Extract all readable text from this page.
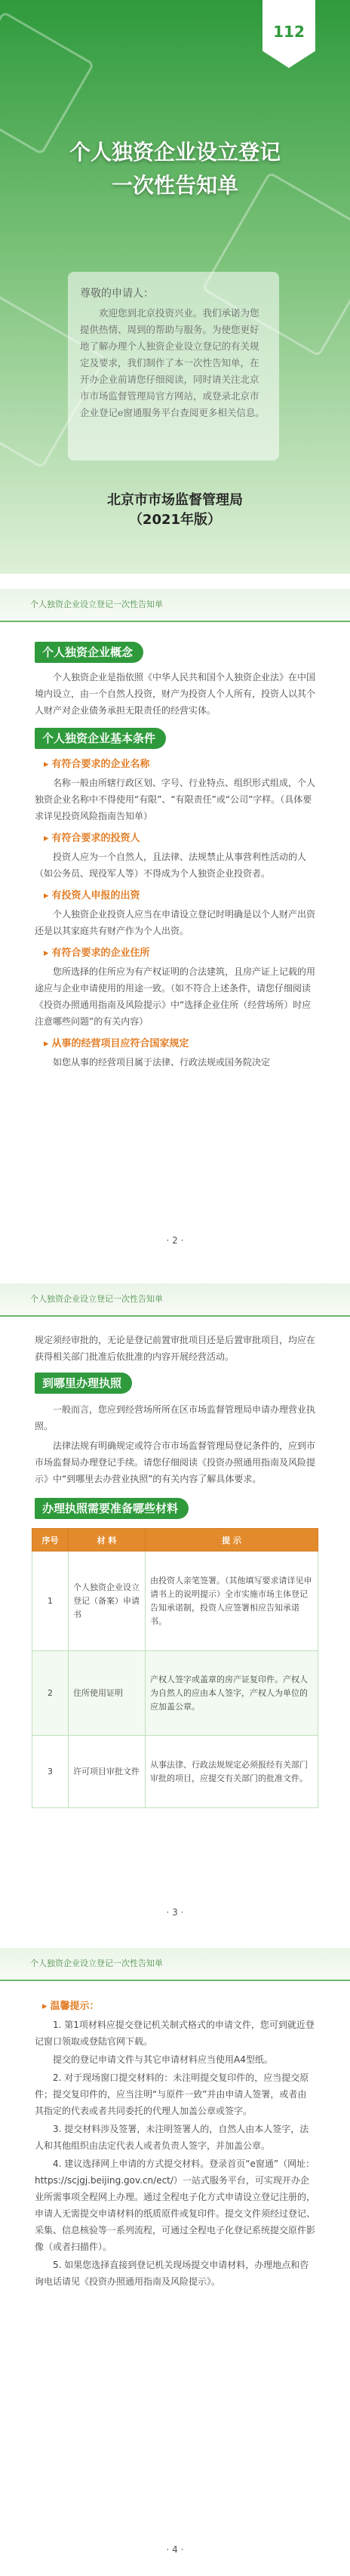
112
个人独资企业设立登记
一次性告知单
尊敬的申请人：
欢迎您到北京投资兴业。我们承诺为您提供热情、周到的帮助与服务。为使您更好地了解办理个人独资企业设立登记的有关规定及要求，我们制作了本一次性告知单，在开办企业前请您仔细阅读，同时请关注北京市市场监督管理局官方网站，或登录北京市企业登记e窗通服务平台查阅更多相关信息。
北京市市场监督管理局
（2021年版）
个人独资企业设立登记一次性告知单
个人独资企业概念

个人独资企业是指依照《中华人民共和国个人独资企业法》在中国境内设立，由一个自然人投资，财产为投资人个人所有，投资人以其个人财产对企业债务承担无限责任的经营实体。

个人独资企业基本条件
▸ 有符合要求的企业名称

名称一般由所辖行政区划、字号、行业特点、组织形式组成，个人独资企业名称中不得使用“有限”、“有限责任”或“公司”字样。（具体要求详见投资风险指南告知单）

▸ 有符合要求的投资人

投资人应为一个自然人，且法律、法规禁止从事营利性活动的人（如公务员、现役军人等）不得成为个人独资企业投资者。

▸ 有投资人申报的出资

个人独资企业投资人应当在申请设立登记时明确是以个人财产出资还是以其家庭共有财产作为个人出资。

▸ 有符合要求的企业住所

您所选择的住所应为有产权证明的合法建筑，且房产证上记载的用途应与企业申请使用的用途一致。（如不符合上述条件，请您仔细阅读《投资办照通用指南及风险提示》中“选择企业住所（经营场所）时应注意哪些问题”的有关内容）

▸ 从事的经营项目应符合国家规定

如您从事的经营项目属于法律、行政法规或国务院决定

· 2 ·
个人独资企业设立登记一次性告知单

规定须经审批的，无论是登记前置审批项目还是后置审批项目，均应在获得相关部门批准后依批准的内容开展经营活动。

到哪里办理执照

一般而言，您应到经营场所所在区市场监督管理局申请办理营业执照。

法律法规有明确规定或符合市市场监督管理局登记条件的，应到市市场监督局办理登记手续。请您仔细阅读《投资办照通用指南及风险提示》中“到哪里去办营业执照”的有关内容了解具体要求。

办理执照需要准备哪些材料
序号	材 料	提 示
1	个人独资企业设立登记（备案）申请书	由投资人亲笔签署。（其他填写要求请详见申请书上的说明提示）全市实施市场主体登记告知承诺制，投资人应签署相应告知承诺书。
2	住所使用证明	产权人签字或盖章的房产证复印件。产权人为自然人的应由本人签字，产权人为单位的应加盖公章。
3	许可项目审批文件	从事法律、行政法规规定必须报经有关部门审批的项目，应提交有关部门的批准文件。
· 3 ·
个人独资企业设立登记一次性告知单
▸ 温馨提示：

1. 第1项材料应提交登记机关制式格式的申请文件，您可到就近登记窗口领取或登陆官网下载。

提交的登记申请文件与其它申请材料应当使用A4型纸。

2. 对于现场窗口提交材料的：未注明提交复印件的，应当提交原件；提交复印件的，应当注明“与原件一致”并由申请人签署，或者由其指定的代表或者共同委托的代理人加盖公章或签字。

3. 提交材料涉及签署，未注明签署人的，自然人由本人签字，法人和其他组织由法定代表人或者负责人签字，并加盖公章。

4. 建议选择网上申请的方式提交材料。登录首页“e窗通”（网址：https://scjgj.beijing.gov.cn/ect/）一站式服务平台，可实现开办企业所需事项全程网上办理。通过全程电子化方式申请设立登记注册的，申请人无需提交申请材料的纸质原件或复印件。提交文件须经过登记、采集、信息核验等一系列流程，可通过全程电子化登记系统提交原件影像（或者扫描件）。

5. 如果您选择直接到登记机关现场提交申请材料，办理地点和咨询电话请见《投资办照通用指南及风险提示》。

· 4 ·
